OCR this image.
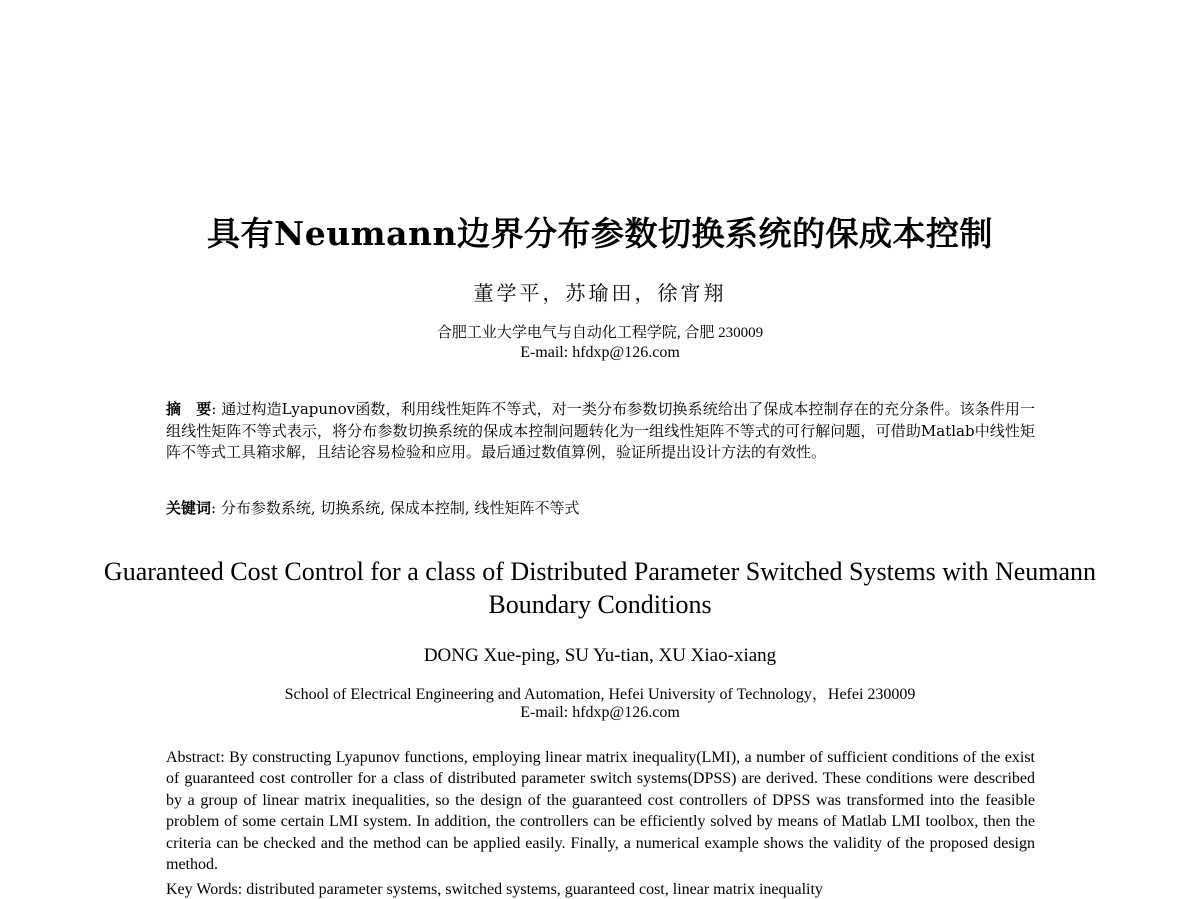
具有Neumann边界分布参数切换系统的保成本控制
董学平，苏瑜田，徐宵翔
合肥工业大学电气与自动化工程学院, 合肥 230009
E-mail: hfdxp@126.com
摘　要: 通过构造Lyapunov函数，利用线性矩阵不等式，对一类分布参数切换系统给出了保成本控制存在的充分条件。该条件用一组线性矩阵不等式表示，将分布参数切换系统的保成本控制问题转化为一组线性矩阵不等式的可行解问题，可借助Matlab中线性矩阵不等式工具箱求解，且结论容易检验和应用。最后通过数值算例，验证所提出设计方法的有效性。
关键词: 分布参数系统, 切换系统, 保成本控制, 线性矩阵不等式
Guaranteed Cost Control for a class of Distributed Parameter Switched Systems with Neumann Boundary Conditions
DONG Xue-ping, SU Yu-tian, XU Xiao-xiang
School of Electrical Engineering and Automation, Hefei University of Technology，Hefei 230009
E-mail: hfdxp@126.com
Abstract: By constructing Lyapunov functions, employing linear matrix inequality(LMI), a number of sufficient conditions of the exist of guaranteed cost controller for a class of distributed parameter switch systems(DPSS) are derived. These conditions were described by a group of linear matrix inequalities, so the design of the guaranteed cost controllers of DPSS was transformed into the feasible problem of some certain LMI system. In addition, the controllers can be efficiently solved by means of Matlab LMI toolbox, then the criteria can be checked and the method can be applied easily. Finally, a numerical example shows the validity of the proposed design method.
Key Words: distributed parameter systems, switched systems, guaranteed cost, linear matrix inequality
